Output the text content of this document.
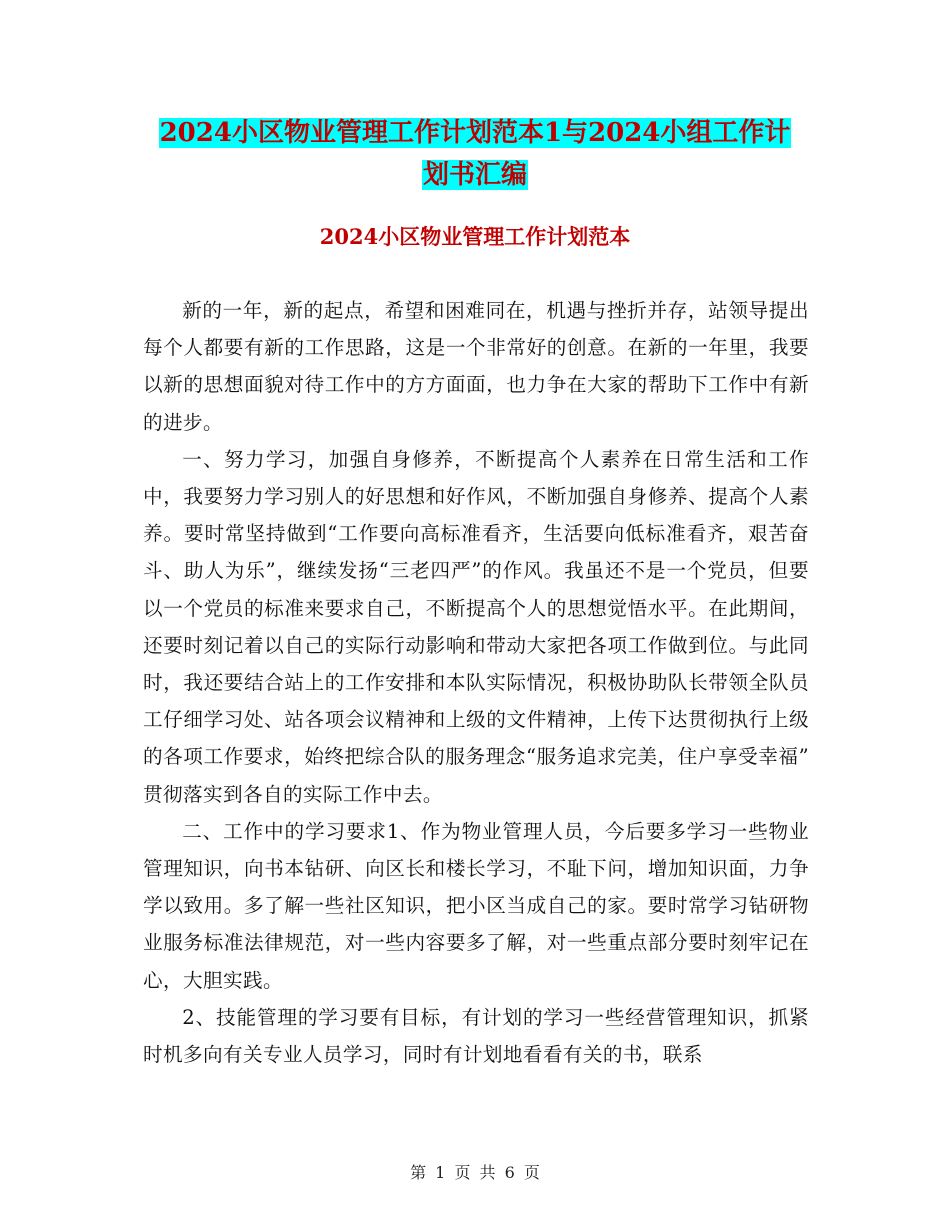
2024小区物业管理工作计划范本1与2024小组工作计
划书汇编
2024小区物业管理工作计划范本

新的一年，新的起点，希望和困难同在，机遇与挫折并存，站领导提出每个人都要有新的工作思路，这是一个非常好的创意。在新的一年里，我要以新的思想面貌对待工作中的方方面面，也力争在大家的帮助下工作中有新的进步。

一、努力学习，加强自身修养，不断提高个人素养在日常生活和工作中，我要努力学习别人的好思想和好作风，不断加强自身修养、提高个人素养。要时常坚持做到“工作要向高标准看齐，生活要向低标准看齐，艰苦奋斗、助人为乐”，继续发扬“三老四严”的作风。我虽还不是一个党员，但要以一个党员的标准来要求自己，不断提高个人的思想觉悟水平。在此期间，还要时刻记着以自己的实际行动影响和带动大家把各项工作做到位。与此同时，我还要结合站上的工作安排和本队实际情况，积极协助队长带领全队员工仔细学习处、站各项会议精神和上级的文件精神，上传下达贯彻执行上级的各项工作要求，始终把综合队的服务理念“服务追求完美，住户享受幸福” 贯彻落实到各自的实际工作中去。

二、工作中的学习要求1、作为物业管理人员，今后要多学习一些物业管理知识，向书本钻研、向区长和楼长学习，不耻下问，增加知识面，力争学以致用。多了解一些社区知识，把小区当成自己的家。要时常学习钻研物业服务标准法律规范，对一些内容要多了解，对一些重点部分要时刻牢记在心，大胆实践。

2、技能管理的学习要有目标，有计划的学习一些经营管理知识，抓紧时机多向有关专业人员学习，同时有计划地看看有关的书，联系

第 1 页 共 6 页
